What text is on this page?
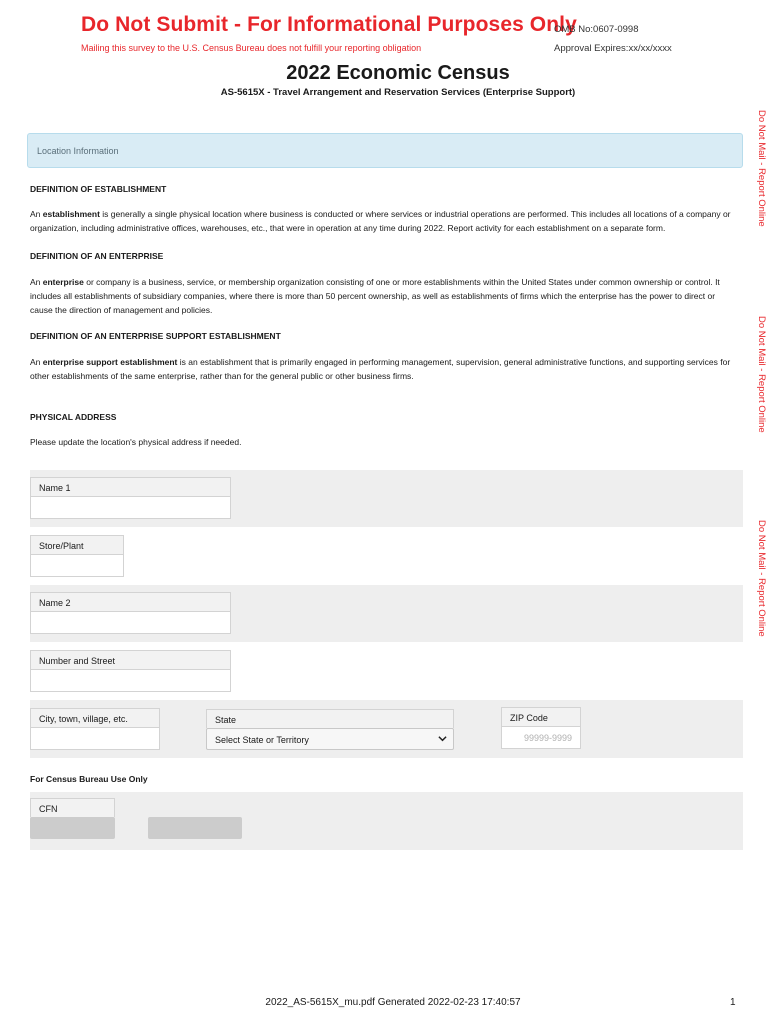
Do Not Submit - For Informational Purposes Only
Mailing this survey to the U.S. Census Bureau does not fulfill your reporting obligation
OMB No:0607-0998
Approval Expires:xx/xx/xxxx
2022 Economic Census
AS-5615X - Travel Arrangement and Reservation Services (Enterprise Support)
Do Not Mail - Report Online
Do Not Mail - Report Online
Do Not Mail - Report Online
Location Information
DEFINITION OF ESTABLISHMENT
An establishment is generally a single physical location where business is conducted or where services or industrial operations are performed. This includes all locations of a company or organization, including administrative offices, warehouses, etc., that were in operation at any time during 2022. Report activity for each establishment on a separate form.
DEFINITION OF AN ENTERPRISE
An enterprise or company is a business, service, or membership organization consisting of one or more establishments within the United States under common ownership or control. It includes all establishments of subsidiary companies, where there is more than 50 percent ownership, as well as establishments of firms which the enterprise has the power to direct or cause the direction of management and policies.
DEFINITION OF AN ENTERPRISE SUPPORT ESTABLISHMENT
An enterprise support establishment is an establishment that is primarily engaged in performing management, supervision, general administrative functions, and supporting services for other establishments of the same enterprise, rather than for the general public or other business firms.
PHYSICAL ADDRESS
Please update the location's physical address if needed.
Name 1
Store/Plant
Name 2
Number and Street
City, town, village, etc.	State
Select State or Territory
ZIP Code
99999-9999
For Census Bureau Use Only
CFN
2022_AS-5615X_mu.pdf Generated 2022-02-23 17:40:57	1
